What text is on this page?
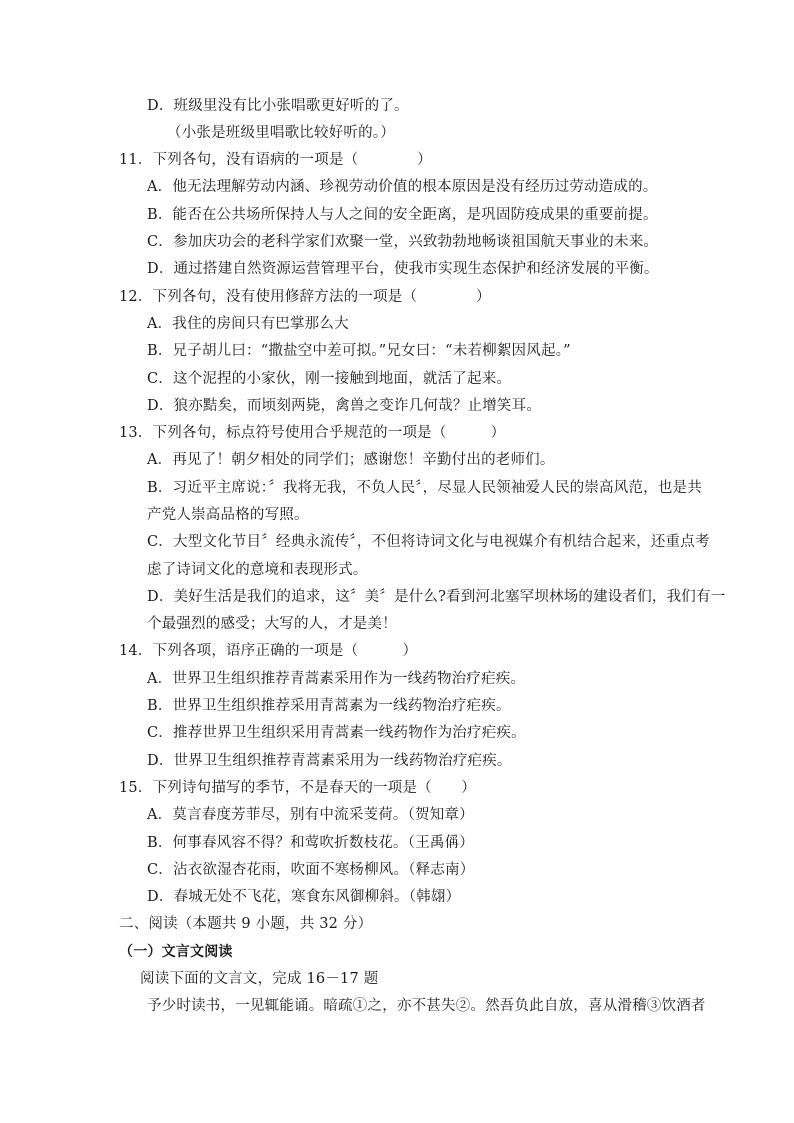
D．班级里没有比小张唱歌更好听的了。
（小张是班级里唱歌比较好听的。）
11．下列各句，没有语病的一项是（　　　　）
A．他无法理解劳动内涵、珍视劳动价值的根本原因是没有经历过劳动造成的。
B．能否在公共场所保持人与人之间的安全距离，是巩固防疫成果的重要前提。
C．参加庆功会的老科学家们欢聚一堂，兴致勃勃地畅谈祖国航天事业的未来。
D．通过搭建自然资源运营管理平台，使我市实现生态保护和经济发展的平衡。
12．下列各句，没有使用修辞方法的一项是（　　　　）
A．我住的房间只有巴掌那么大
B．兄子胡儿曰：“撒盐空中差可拟。”兄女曰：“未若柳絮因风起。”
C．这个泥捏的小家伙，刚一接触到地面，就活了起来。
D．狼亦黠矣，而顷刻两毙，禽兽之变诈几何哉？止增笑耳。
13．下列各句，标点符号使用合乎规范的一项是（　　　）
A．再见了！朝夕相处的同学们；感谢您！辛勤付出的老师们。
B．习近平主席说：〞我将无我，不负人民〞，尽显人民领袖爱人民的崇高风范，也是共
产党人崇高品格的写照。
C．大型文化节目〞经典永流传〞，不但将诗词文化与电视媒介有机结合起来，还重点考
虑了诗词文化的意境和表现形式。
D．美好生活是我们的追求，这〞美〞是什么?看到河北塞罕坝林场的建设者们，我们有一
个最强烈的感受；大写的人，才是美！
14．下列各项，语序正确的一项是（　　　）
A．世界卫生组织推荐青蒿素采用作为一线药物治疗疟疾。
B．世界卫生组织推荐采用青蒿素为一线药物治疗疟疾。
C．推荐世界卫生组织采用青蒿素一线药物作为治疗疟疾。
D．世界卫生组织推荐青蒿素采用为一线药物治疗疟疾。
15．下列诗句描写的季节，不是春天的一项是（　　）
A．莫言春度芳菲尽，别有中流采芰荷。（贺知章）
B．何事春风容不得？和莺吹折数枝花。（王禹偁）
C．沾衣欲湿杏花雨，吹面不寒杨柳风。（释志南）
D．春城无处不飞花，寒食东风御柳斜。（韩翃）
二、阅读（本题共 9 小题，共 32 分）
（一）文言文阅读
阅读下面的文言文，完成 16－17 题
予少时读书，一见辄能诵。暗疏①之，亦不甚失②。然吾负此自放，喜从滑稽③饮酒者
